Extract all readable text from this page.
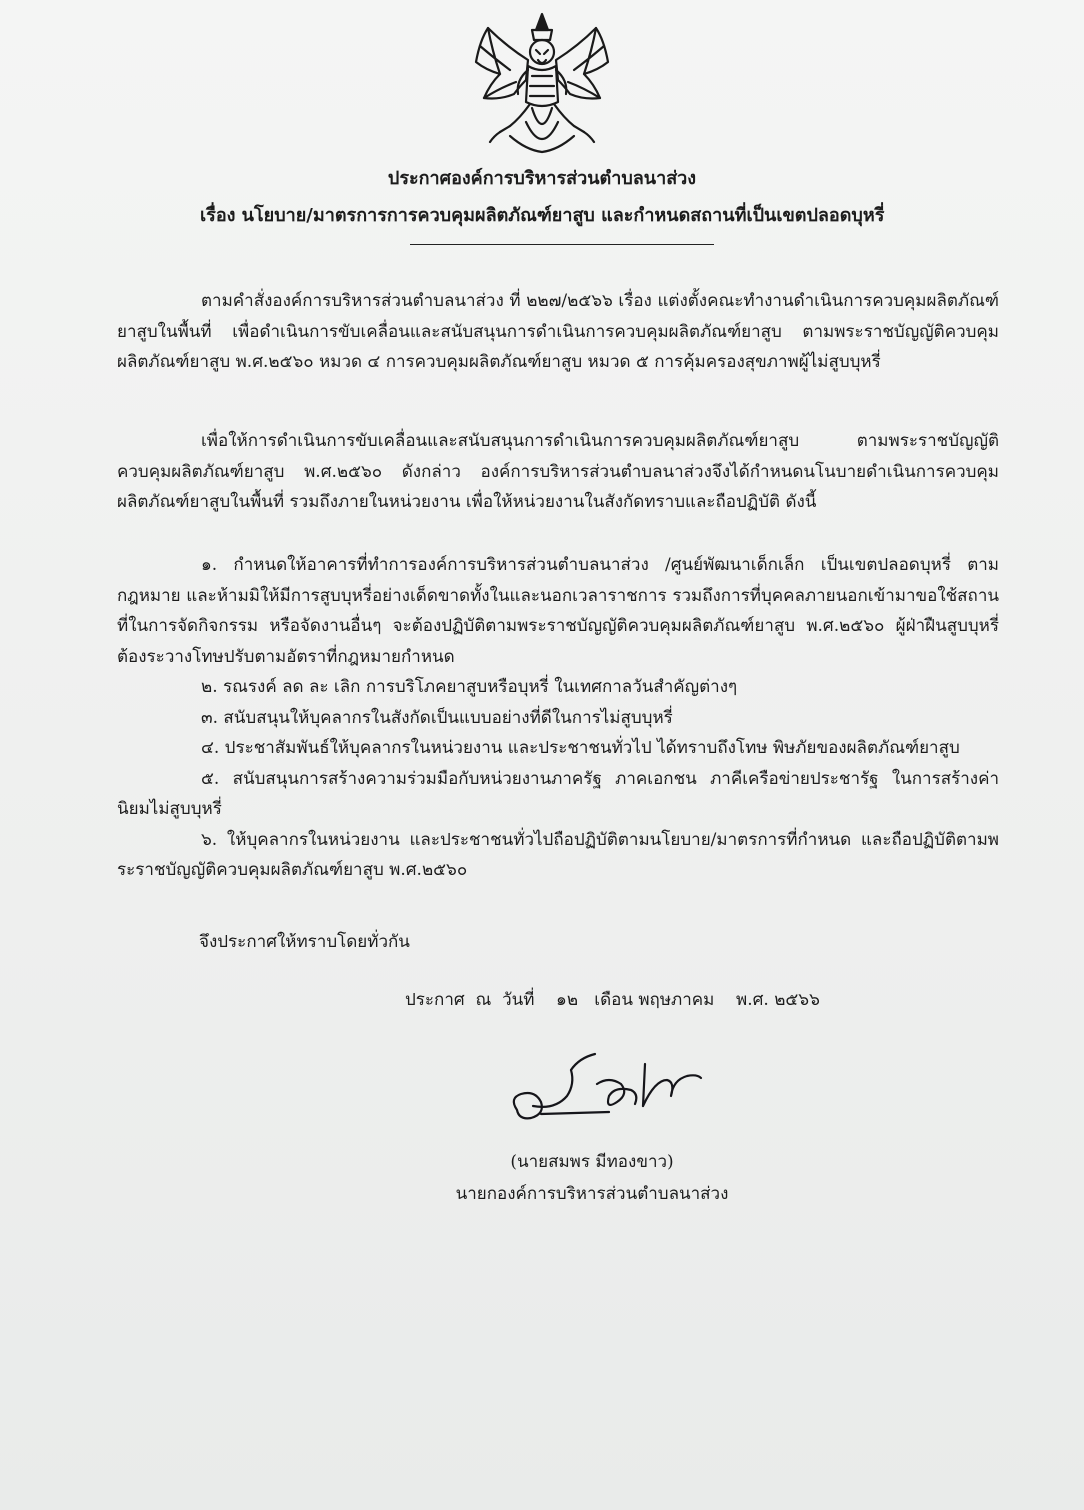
ประกาศองค์การบริหารส่วนตำบลนาส่วง
เรื่อง นโยบาย/มาตรการการควบคุมผลิตภัณฑ์ยาสูบ และกำหนดสถานที่เป็นเขตปลอดบุหรี่

ตามคำสั่งองค์การบริหารส่วนตำบลนาส่วง ที่ ๒๒๗/๒๕๖๖ เรื่อง แต่งตั้งคณะทำงานดำเนินการควบคุมผลิตภัณฑ์ยาสูบในพื้นที่ เพื่อดำเนินการขับเคลื่อนและสนับสนุนการดำเนินการควบคุมผลิตภัณฑ์ยาสูบ ตามพระราชบัญญัติควบคุมผลิตภัณฑ์ยาสูบ พ.ศ.๒๕๖๐ หมวด ๔ การควบคุมผลิตภัณฑ์ยาสูบ หมวด ๕ การคุ้มครองสุขภาพผู้ไม่สูบบุหรี่

เพื่อให้การดำเนินการขับเคลื่อนและสนับสนุนการดำเนินการควบคุมผลิตภัณฑ์ยาสูบ ตามพระราชบัญญัติควบคุมผลิตภัณฑ์ยาสูบ พ.ศ.๒๕๖๐ ดังกล่าว องค์การบริหารส่วนตำบลนาส่วงจึงได้กำหนดนโนบายดำเนินการควบคุมผลิตภัณฑ์ยาสูบในพื้นที่ รวมถึงภายในหน่วยงาน เพื่อให้หน่วยงานในสังกัดทราบและถือปฏิบัติ ดังนี้

๑. กำหนดให้อาคารที่ทำการองค์การบริหารส่วนตำบลนาส่วง /ศูนย์พัฒนาเด็กเล็ก เป็นเขตปลอดบุหรี่ ตามกฎหมาย และห้ามมิให้มีการสูบบุหรี่อย่างเด็ดขาดทั้งในและนอกเวลาราชการ รวมถึงการที่บุคคลภายนอกเข้ามาขอใช้สถานที่ในการจัดกิจกรรม หรือจัดงานอื่นๆ จะต้องปฏิบัติตามพระราชบัญญัติควบคุมผลิตภัณฑ์ยาสูบ พ.ศ.๒๕๖๐ ผู้ฝ่าฝืนสูบบุหรี่ต้องระวางโทษปรับตามอัตราที่กฎหมายกำหนด

๒. รณรงค์ ลด ละ เลิก การบริโภคยาสูบหรือบุหรี่ ในเทศกาลวันสำคัญต่างๆ

๓. สนับสนุนให้บุคลากรในสังกัดเป็นแบบอย่างที่ดีในการไม่สูบบุหรี่

๔. ประชาสัมพันธ์ให้บุคลากรในหน่วยงาน และประชาชนทั่วไป ได้ทราบถึงโทษ พิษภัยของผลิตภัณฑ์ยาสูบ

๕. สนับสนุนการสร้างความร่วมมือกับหน่วยงานภาครัฐ ภาคเอกชน ภาคีเครือข่ายประชารัฐ ในการสร้างค่านิยมไม่สูบบุหรี่

๖. ให้บุคลากรในหน่วยงาน และประชาชนทั่วไปถือปฏิบัติตามนโยบาย/มาตรการที่กำหนด และถือปฏิบัติตามพระราชบัญญัติควบคุมผลิตภัณฑ์ยาสูบ พ.ศ.๒๕๖๐

จึงประกาศให้ทราบโดยทั่วกัน
ประกาศ  ณ  วันที่    ๑๒   เดือน พฤษภาคม    พ.ศ. ๒๕๖๖
(นายสมพร มีทองขาว)
นายกองค์การบริหารส่วนตำบลนาส่วง
